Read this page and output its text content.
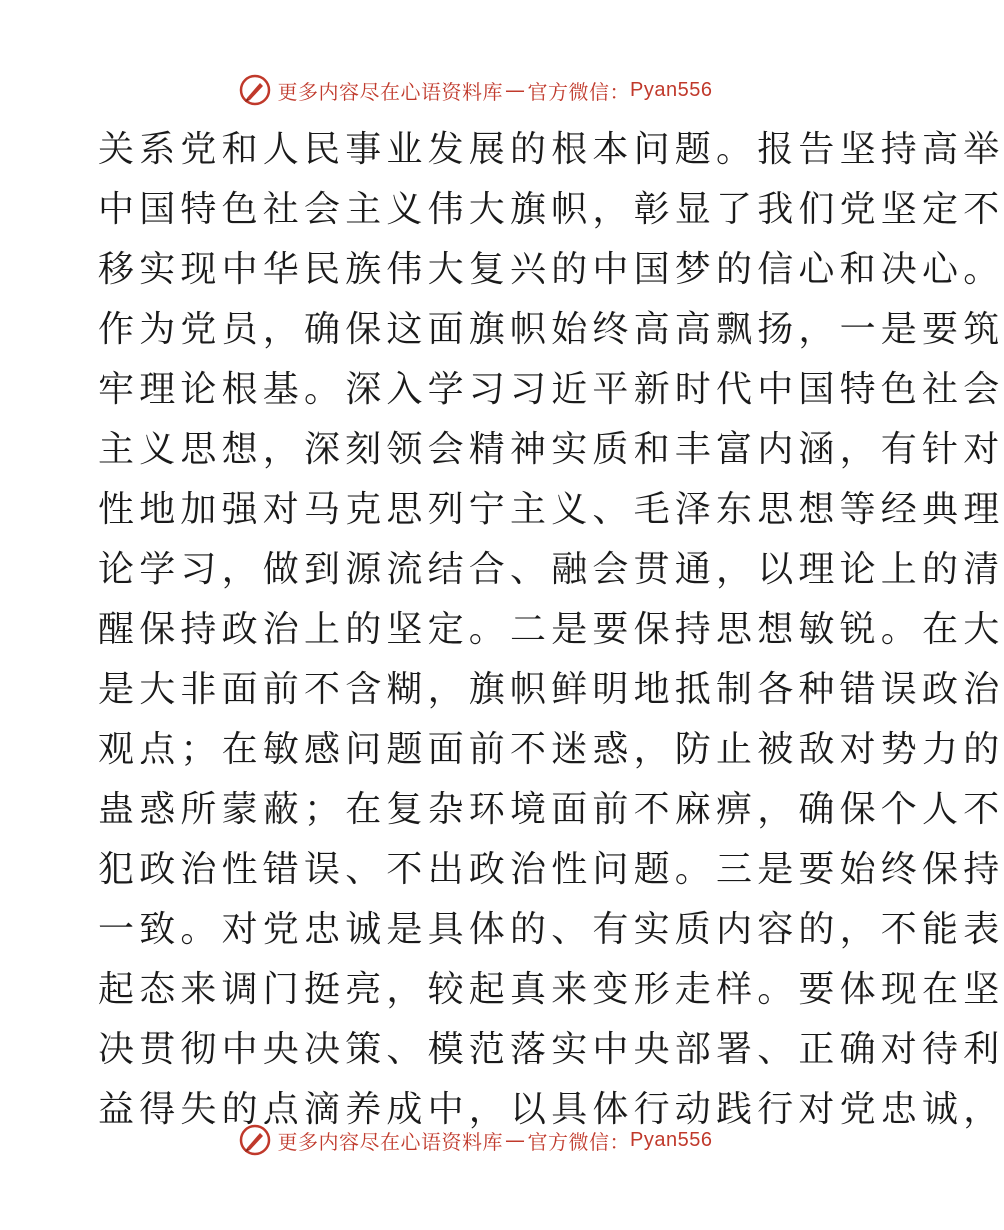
更多内容尽在心语资料库 — 官方微信： Pyan556
关系党和人民事业发展的根本问题。报告坚持高举
中国特色社会主义伟大旗帜，彰显了我们党坚定不
移实现中华民族伟大复兴的中国梦的信心和决心。
作为党员，确保这面旗帜始终高高飘扬，一是要筑
牢理论根基。深入学习习近平新时代中国特色社会
主义思想，深刻领会精神实质和丰富内涵，有针对
性地加强对马克思列宁主义、毛泽东思想等经典理
论学习，做到源流结合、融会贯通，以理论上的清
醒保持政治上的坚定。二是要保持思想敏锐。在大
是大非面前不含糊，旗帜鲜明地抵制各种错误政治
观点；在敏感问题面前不迷惑，防止被敌对势力的
蛊惑所蒙蔽；在复杂环境面前不麻痹，确保个人不
犯政治性错误、不出政治性问题。三是要始终保持
一致。对党忠诚是具体的、有实质内容的，不能表
起态来调门挺亮，较起真来变形走样。要体现在坚
决贯彻中央决策、模范落实中央部署、正确对待利
益得失的点滴养成中，以具体行动践行对党忠诚，
更多内容尽在心语资料库 — 官方微信： Pyan556
